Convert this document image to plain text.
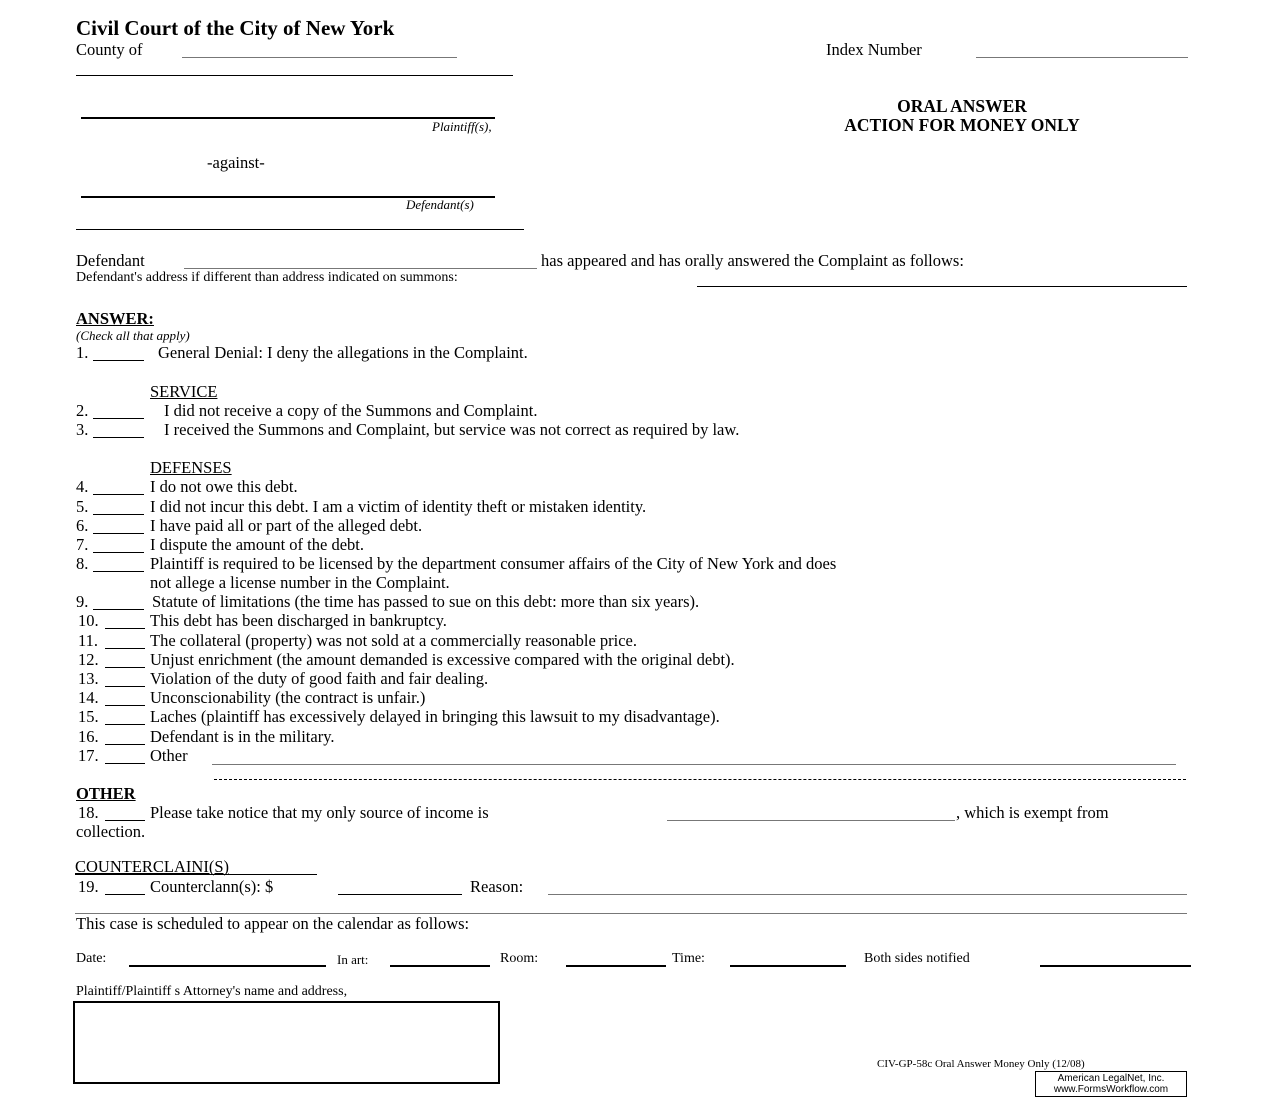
Civil Court of the City of New York
County of	Index Number
Plaintiff(s),
-against-
Defendant(s)
ORAL ANSWER
ACTION FOR MONEY ONLY
Defendant	has appeared and has orally answered the Complaint as follows:
Defendant's address if different than address indicated on summons:
ANSWER:
(Check all that apply)
1.	General Denial: I deny the allegations in the Complaint.
SERVICE
2.	I did not receive a copy of the Summons and Complaint.
3.	I received the Summons and Complaint, but service was not correct as required by law.
DEFENSES
4.	I do not owe this debt.
5.	I did not incur this debt. I am a victim of identity theft or mistaken identity.
6.	I have paid all or part of the alleged debt.
7.	I dispute the amount of the debt.
8.	Plaintiff is required to be licensed by the department consumer affairs of the City of New York and does
not allege a license number in the Complaint.
9.	Statute of limitations (the time has passed to sue on this debt: more than six years).
10.	This debt has been discharged in bankruptcy.
11.	The collateral (property) was not sold at a commercially reasonable price.
12.	Unjust enrichment (the amount demanded is excessive compared with the original debt).
13.	Violation of the duty of good faith and fair dealing.
14.	Unconscionability (the contract is unfair.)
15.	Laches (plaintiff has excessively delayed in bringing this lawsuit to my disadvantage).
16.	Defendant is in the military.
17.	Other
OTHER
18.	Please take notice that my only source of income is	, which is exempt from
collection.
COUNTERCLAINI(S)
19.	Counterclann(s): $	Reason:
This case is scheduled to appear on the calendar as follows:
Date:	In art:	Room:	Time:	Both sides notified
Plaintiff/Plaintiff s Attorney's name and address,
CIV-GP-58c Oral Answer Money Only (12/08)
American LegalNet, Inc.
www.FormsWorkflow.com
